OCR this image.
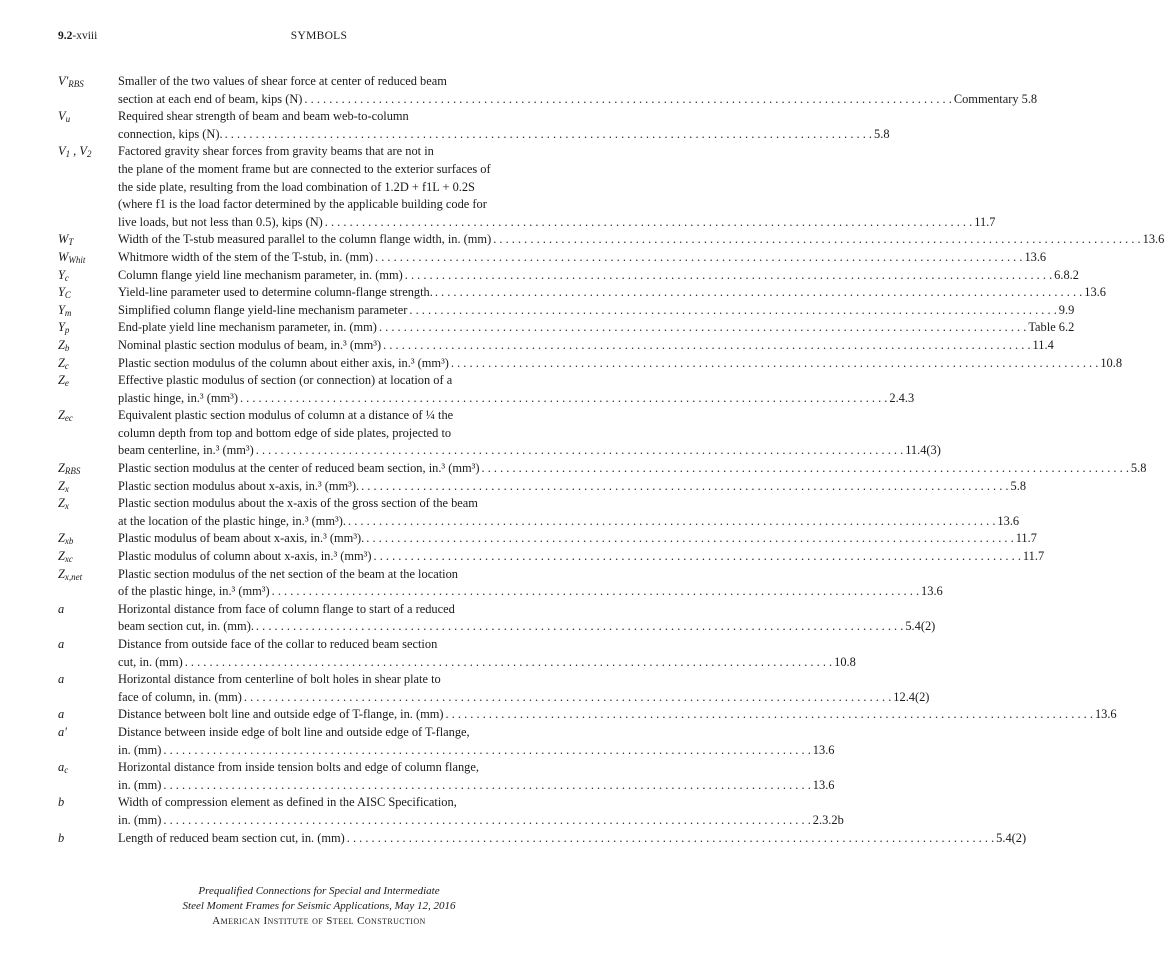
9.2-xviii	SYMBOLS
$V'_{RBS}$	Smaller of the two values of shear force at center of reduced beam
section at each end of beam, kips (N) . . .	Commentary 5.8
$V_u$	Required shear strength of beam and beam web-to-column
connection, kips (N). . . .	5.8
$V_1$ , $V_2$	Factored gravity shear forces from gravity beams that are not in
the plane of the moment frame but are connected to the exterior surfaces of
the side plate, resulting from the load combination of 1.2D + f1L + 0.2S
(where f1 is the load factor determined by the applicable building code for
live loads, but not less than 0.5), kips (N) . . .	11.7
$W_T$	Width of the T-stub measured parallel to the column flange width, in. (mm) . . .	13.6
$W_{Whit}$	Whitmore width of the stem of the T-stub, in. (mm) . . .	13.6
$Y_c$	Column flange yield line mechanism parameter, in. (mm) . . .	6.8.2
$Y_C$	Yield-line parameter used to determine column-flange strength. . . .	13.6
$Y_m$	Simplified column flange yield-line mechanism parameter . . .	9.9
$Y_p$	End-plate yield line mechanism parameter, in. (mm) . . .	Table 6.2
$Z_b$	Nominal plastic section modulus of beam, in.³ (mm³) . . .	11.4
$Z_c$	Plastic section modulus of the column about either axis, in.³ (mm³) . . .	10.8
$Z_e$	Effective plastic modulus of section (or connection) at location of a
plastic hinge, in.³ (mm³) . . .	2.4.3
$Z_{ec}$	Equivalent plastic section modulus of column at a distance of ¼ the
column depth from top and bottom edge of side plates, projected to
beam centerline, in.³ (mm³) . . .	11.4(3)
$Z_{RBS}$	Plastic section modulus at the center of reduced beam section, in.³ (mm³) . . .	5.8
$Z_x$	Plastic section modulus about x-axis, in.³ (mm³). . . .	5.8
$Z_x$	Plastic section modulus about the x-axis of the gross section of the beam
at the location of the plastic hinge, in.³ (mm³). . . .	13.6
$Z_{xb}$	Plastic modulus of beam about x-axis, in.³ (mm³). . . .	11.7
$Z_{xc}$	Plastic modulus of column about x-axis, in.³ (mm³) . . .	11.7
$Z_{x,net}$	Plastic section modulus of the net section of the beam at the location
of the plastic hinge, in.³ (mm³) . . .	13.6
a	Horizontal distance from face of column flange to start of a reduced
beam section cut, in. (mm). . . .	5.4(2)
a	Distance from outside face of the collar to reduced beam section
cut, in. (mm) . . .	10.8
a	Horizontal distance from centerline of bolt holes in shear plate to
face of column, in. (mm) . . .	12.4(2)
a	Distance between bolt line and outside edge of T-flange, in. (mm) . . .	13.6
a′	Distance between inside edge of bolt line and outside edge of T-flange,
in. (mm) . . .	13.6
$a_c$	Horizontal distance from inside tension bolts and edge of column flange,
in. (mm) . . .	13.6
b	Width of compression element as defined in the AISC Specification,
in. (mm) . . .	2.3.2b
b	Length of reduced beam section cut, in. (mm) . . .	5.4(2)
Prequalified Connections for Special and Intermediate
Steel Moment Frames for Seismic Applications, May 12, 2016
American Institute of Steel Construction
